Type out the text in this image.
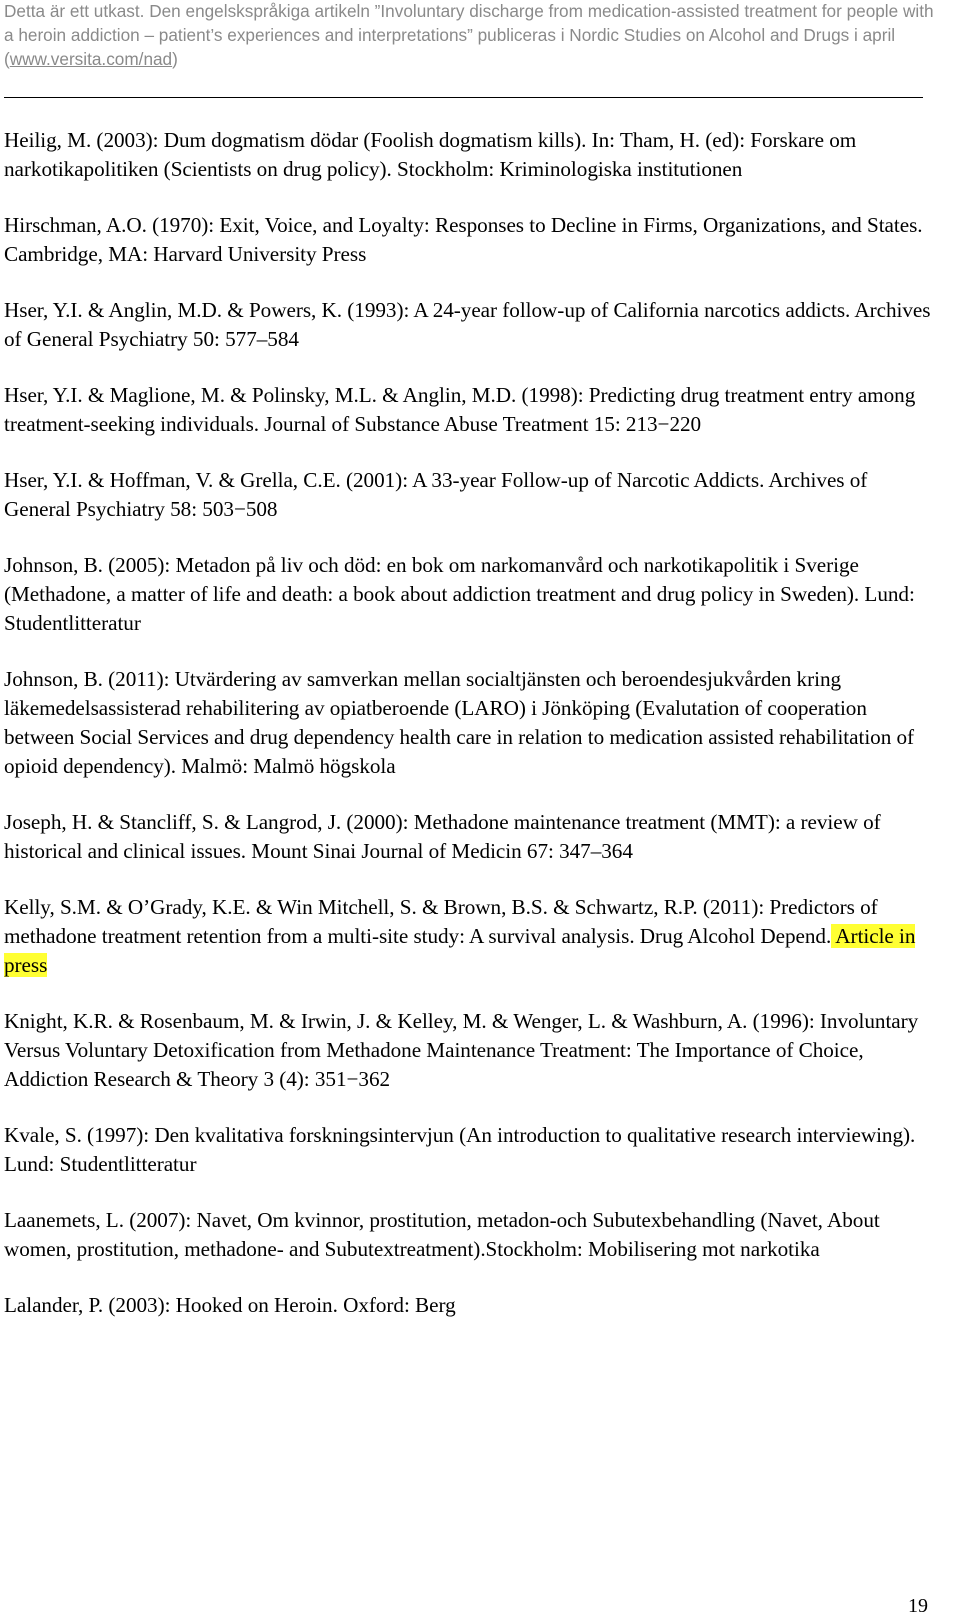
Detta är ett utkast. Den engelskspråkiga artikeln ”Involuntary discharge from medication-assisted treatment for people with a heroin addiction – patient’s experiences and interpretations” publiceras i Nordic Studies on Alcohol and Drugs i april (www.versita.com/nad)
Heilig, M. (2003): Dum dogmatism dödar (Foolish dogmatism kills). In: Tham, H. (ed): Forskare om narkotikapolitiken (Scientists on drug policy). Stockholm: Kriminologiska institutionen
Hirschman, A.O. (1970): Exit, Voice, and Loyalty: Responses to Decline in Firms, Organizations, and States. Cambridge, MA: Harvard University Press
Hser, Y.I. & Anglin, M.D. & Powers, K. (1993): A 24-year follow-up of California narcotics addicts. Archives of General Psychiatry 50: 577–584
Hser, Y.I. & Maglione, M. & Polinsky, M.L. & Anglin, M.D. (1998): Predicting drug treatment entry among treatment-seeking individuals. Journal of Substance Abuse Treatment 15: 213−220
Hser, Y.I. & Hoffman, V. & Grella, C.E. (2001): A 33-year Follow-up of Narcotic Addicts. Archives of General Psychiatry 58: 503−508
Johnson, B. (2005): Metadon på liv och död: en bok om narkomanvård och narkotikapolitik i Sverige (Methadone, a matter of life and death: a book about addiction treatment and drug policy in Sweden). Lund: Studentlitteratur
Johnson, B. (2011): Utvärdering av samverkan mellan socialtjänsten och beroendesjukvården kring läkemedelsassisterad rehabilitering av opiatberoende (LARO) i Jönköping (Evalutation of cooperation between Social Services and drug dependency health care in relation to medication assisted rehabilitation of opioid dependency). Malmö: Malmö högskola
Joseph, H. & Stancliff, S. & Langrod, J. (2000): Methadone maintenance treatment (MMT): a review of historical and clinical issues. Mount Sinai Journal of Medicin 67: 347–364
Kelly, S.M. & O’Grady, K.E. & Win Mitchell, S. & Brown, B.S. & Schwartz, R.P. (2011): Predictors of methadone treatment retention from a multi-site study: A survival analysis. Drug Alcohol Depend. Article in press
Knight, K.R. & Rosenbaum, M. & Irwin, J. & Kelley, M. & Wenger, L. & Washburn, A. (1996): Involuntary Versus Voluntary Detoxification from Methadone Maintenance Treatment: The Importance of Choice, Addiction Research & Theory 3 (4): 351−362
Kvale, S. (1997): Den kvalitativa forskningsintervjun (An introduction to qualitative research interviewing). Lund: Studentlitteratur
Laanemets, L. (2007): Navet, Om kvinnor, prostitution, metadon-och Subutexbehandling (Navet, About women, prostitution, methadone- and Subutextreatment).Stockholm: Mobilisering mot narkotika
Lalander, P. (2003): Hooked on Heroin. Oxford: Berg
19
